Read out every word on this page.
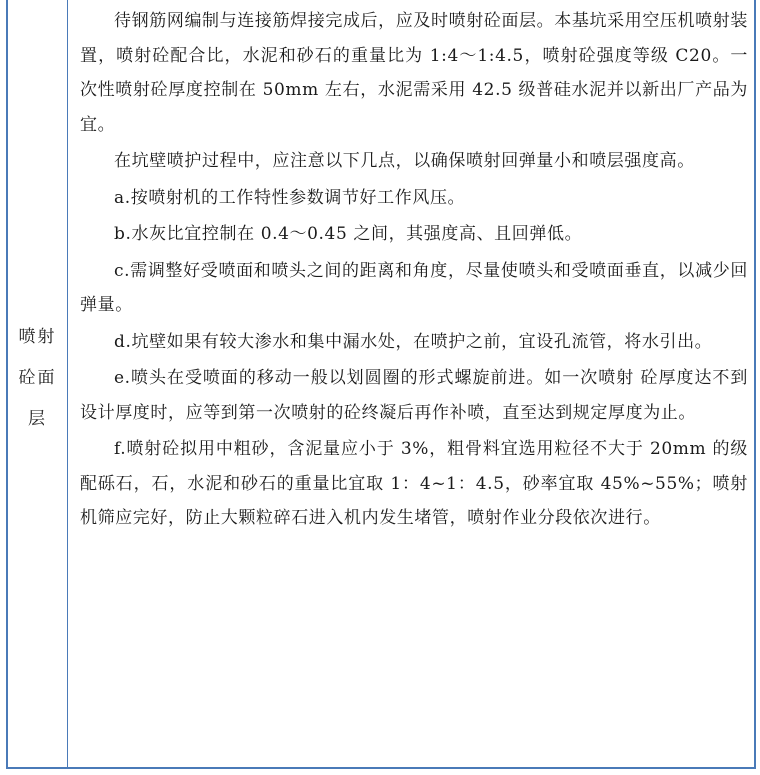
喷射砼面层

待钢筋网编制与连接筋焊接完成后，应及时喷射砼面层。本基坑采用空压机喷射装置，喷射砼配合比，水泥和砂石的重量比为 1:4～1:4.5，喷射砼强度等级 C20。一次性喷射砼厚度控制在 50mm 左右，水泥需采用 42.5 级普硅水泥并以新出厂产品为宜。

在坑壁喷护过程中，应注意以下几点，以确保喷射回弹量小和喷层强度高。

a.按喷射机的工作特性参数调节好工作风压。

b.水灰比宜控制在 0.4～0.45 之间，其强度高、且回弹低。

c.需调整好受喷面和喷头之间的距离和角度，尽量使喷头和受喷面垂直，以减少回弹量。

d.坑壁如果有较大渗水和集中漏水处，在喷护之前，宜设孔流管，将水引出。

e.喷头在受喷面的移动一般以划圆圈的形式螺旋前进。如一次喷射 砼厚度达不到设计厚度时，应等到第一次喷射的砼终凝后再作补喷，直至达到规定厚度为止。

f.喷射砼拟用中粗砂，含泥量应小于 3%，粗骨料宜选用粒径不大于 20mm 的级配砾石，石，水泥和砂石的重量比宜取 1：4~1：4.5，砂率宜取 45%~55%；喷射机筛应完好，防止大颗粒碎石进入机内发生堵管，喷射作业分段依次进行。
